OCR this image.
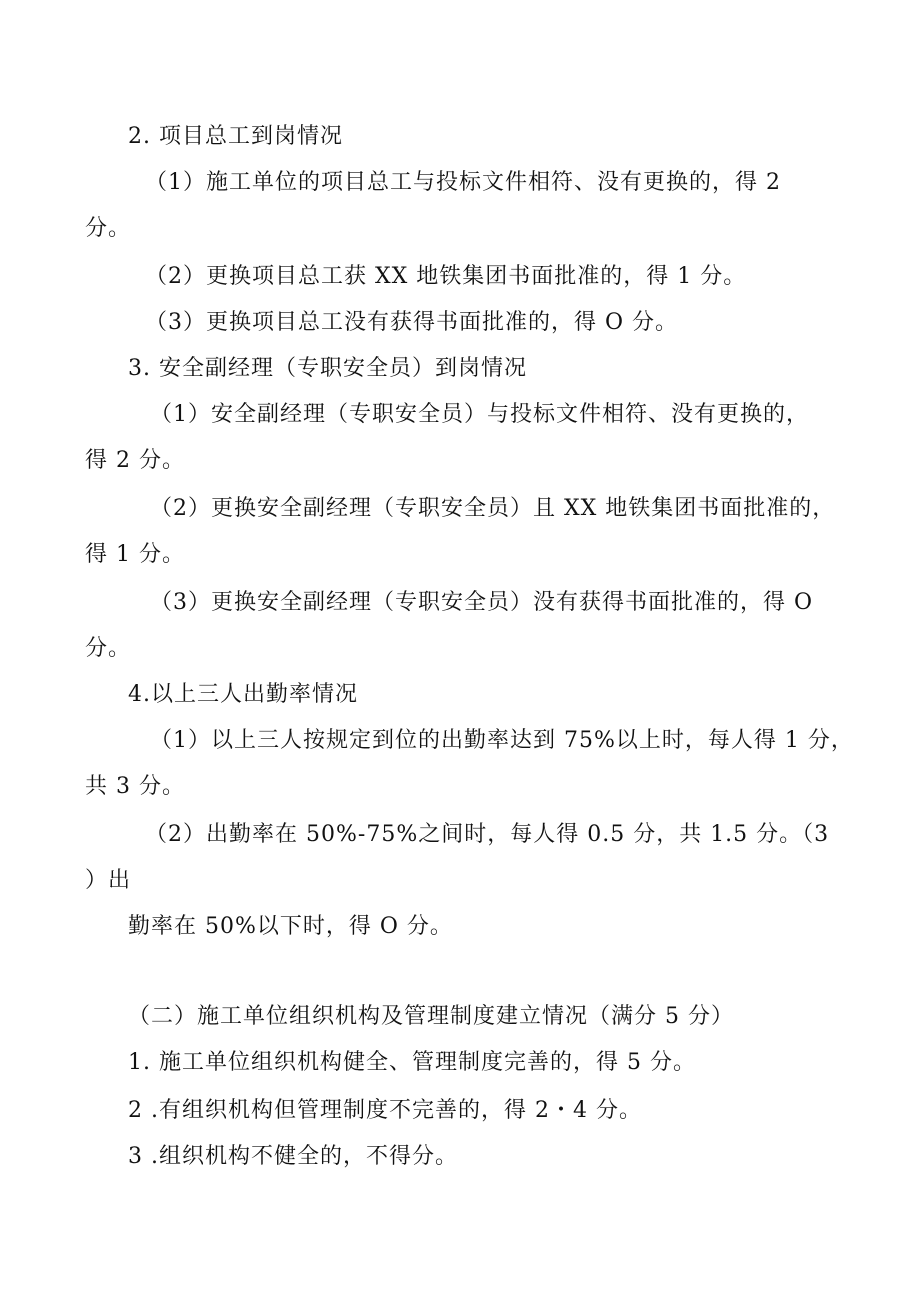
2. 项目总工到岗情况
（1）施工单位的项目总工与投标文件相符、没有更换的，得 2
分。
（2）更换项目总工获 XX 地铁集团书面批准的，得 1 分。
（3）更换项目总工没有获得书面批准的，得 O 分。
3. 安全副经理（专职安全员）到岗情况
（1）安全副经理（专职安全员）与投标文件相符、没有更换的，
得 2 分。
（2）更换安全副经理（专职安全员）且 XX 地铁集团书面批准的，
得 1 分。
（3）更换安全副经理（专职安全员）没有获得书面批准的，得 O
分。
4.以上三人出勤率情况
（1）以上三人按规定到位的出勤率达到 75%以上时，每人得 1 分，
共 3 分。
（2）出勤率在 50%-75%之间时，每人得 0.5 分，共 1.5 分。（3
）出
勤率在 50%以下时，得 O 分。
（二）施工单位组织机构及管理制度建立情况（满分 5 分）
1. 施工单位组织机构健全、管理制度完善的，得 5 分。
2 .有组织机构但管理制度不完善的，得 2・4 分。
3 .组织机构不健全的，不得分。
